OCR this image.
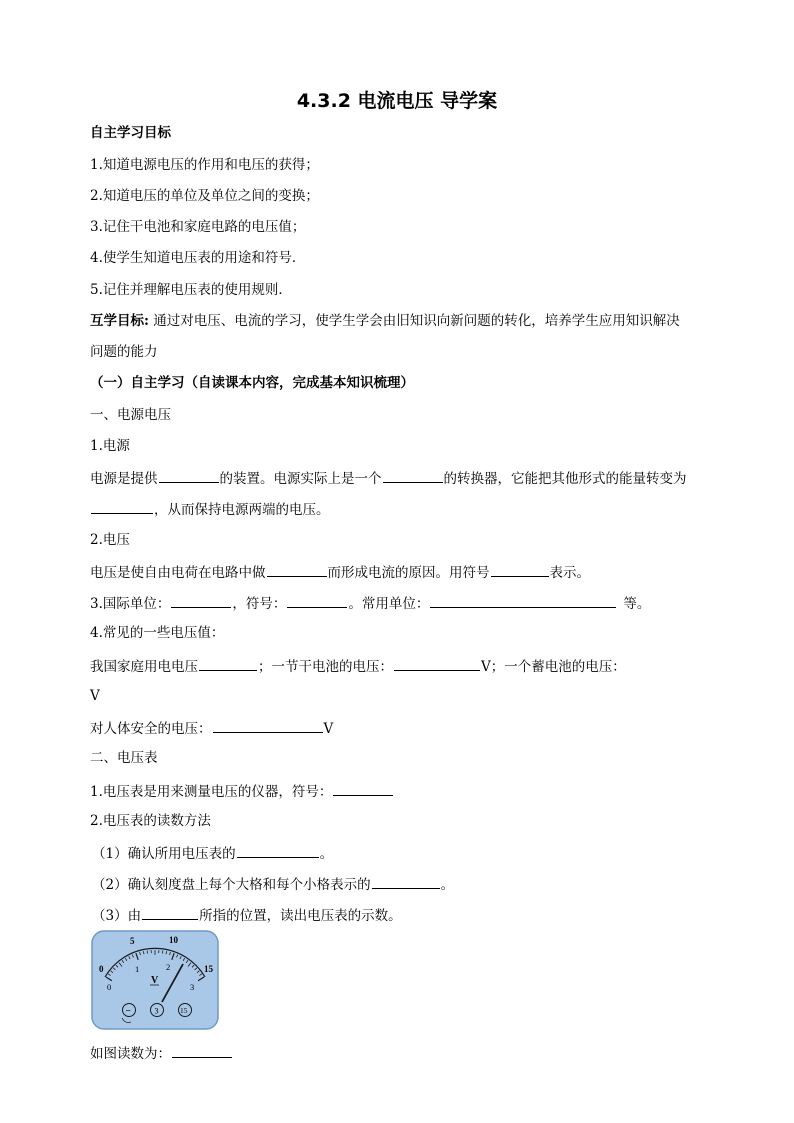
4.3.2 电流电压 导学案
自主学习目标
1.知道电源电压的作用和电压的获得；
2.知道电压的单位及单位之间的变换；
3.记住干电池和家庭电路的电压值；
4.使学生知道电压表的用途和符号．
5.记住并理解电压表的使用规则．
互学目标: 通过对电压、电流的学习，使学生学会由旧知识向新问题的转化，培养学生应用知识解决
问题的能力
（一）自主学习（自读课本内容，完成基本知识梳理）
一、电源电压
1.电源
电源是提供	的装置。电源实际上是一个	的转换器，它能把其他形式的能量转变为
，从而保持电源两端的电压。
2.电压
电压是使自由电荷在电路中做	而形成电流的原因。用符号	表示。
3.国际单位：	，符号：	。常用单位：	等。
4.常见的一些电压值：
我国家庭用电电压	；一节干电池的电压：	V；一个蓄电池的电压：
V
对人体安全的电压：	V
二、电压表
1.电压表是用来测量电压的仪器，符号：
2.电压表的读数方法
（1）确认所用电压表的	。
（2）确认刻度盘上每个大格和每个小格表示的	。
（3）由	所指的位置，读出电压表的示数。
0
5	10
15
0
1	2
3
V
−	3	15
如图读数为：
